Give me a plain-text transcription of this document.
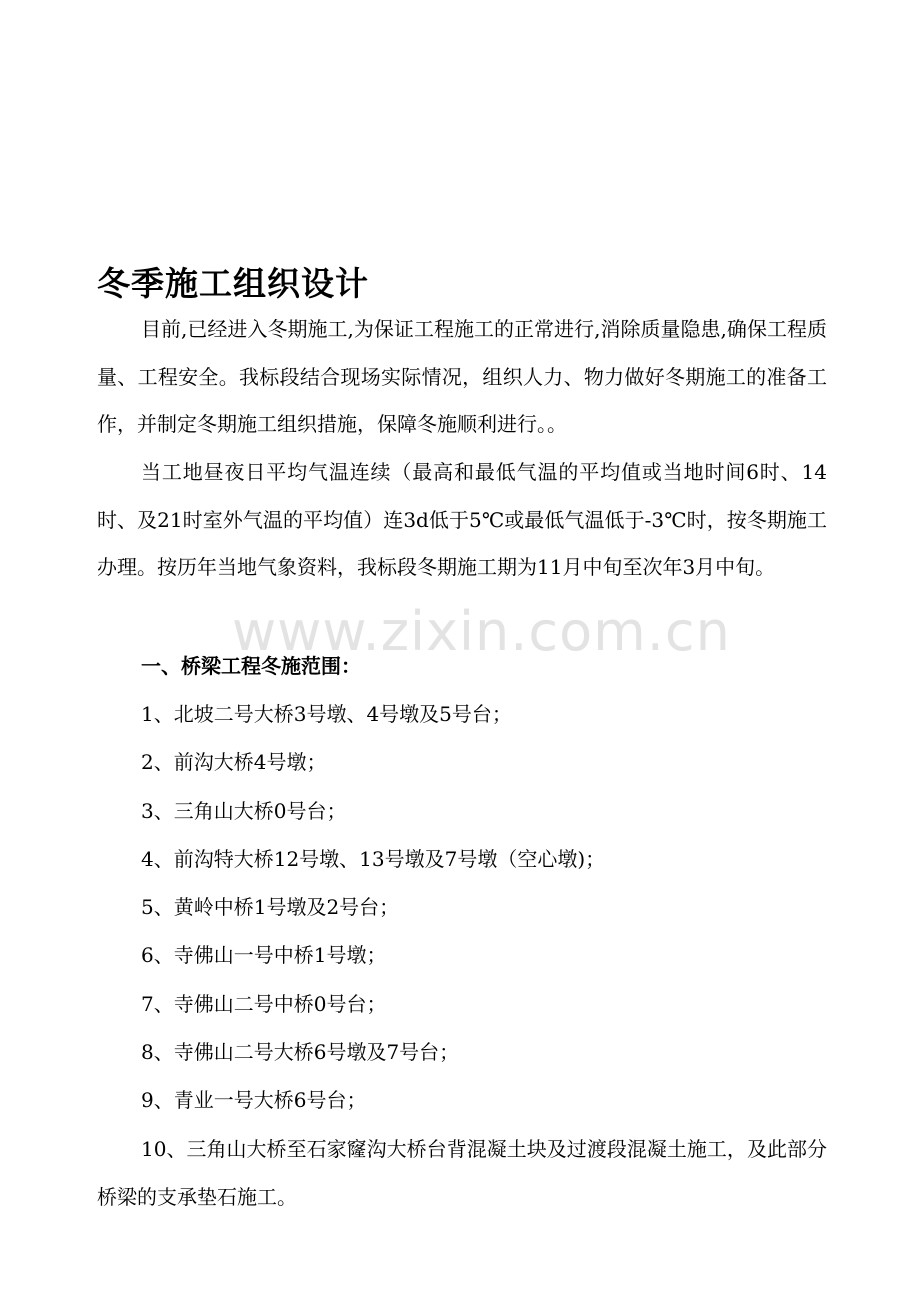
冬季施工组织设计

目前,已经进入冬期施工,为保证工程施工的正常进行,消除质量隐患,确保工程质量、工程安全。我标段结合现场实际情况，组织人力、物力做好冬期施工的准备工作，并制定冬期施工组织措施，保障冬施顺利进行。。

当工地昼夜日平均气温连续（最高和最低气温的平均值或当地时间6时、14时、及21时室外气温的平均值）连3d低于5℃或最低气温低于-3℃时，按冬期施工办理。按历年当地气象资料，我标段冬期施工期为11月中旬至次年3月中旬。

www.zixin.com.cn
一、桥梁工程冬施范围：

1、北坡二号大桥3号墩、4号墩及5号台；

2、前沟大桥4号墩；

3、三角山大桥0号台；

4、前沟特大桥12号墩、13号墩及7号墩（空心墩)；

5、黄岭中桥1号墩及2号台；

6、寺佛山一号中桥1号墩；

7、寺佛山二号中桥0号台；

8、寺佛山二号大桥6号墩及7号台；

9、青业一号大桥6号台；

10、三角山大桥至石家窿沟大桥台背混凝土块及过渡段混凝土施工，及此部分桥梁的支承垫石施工。
